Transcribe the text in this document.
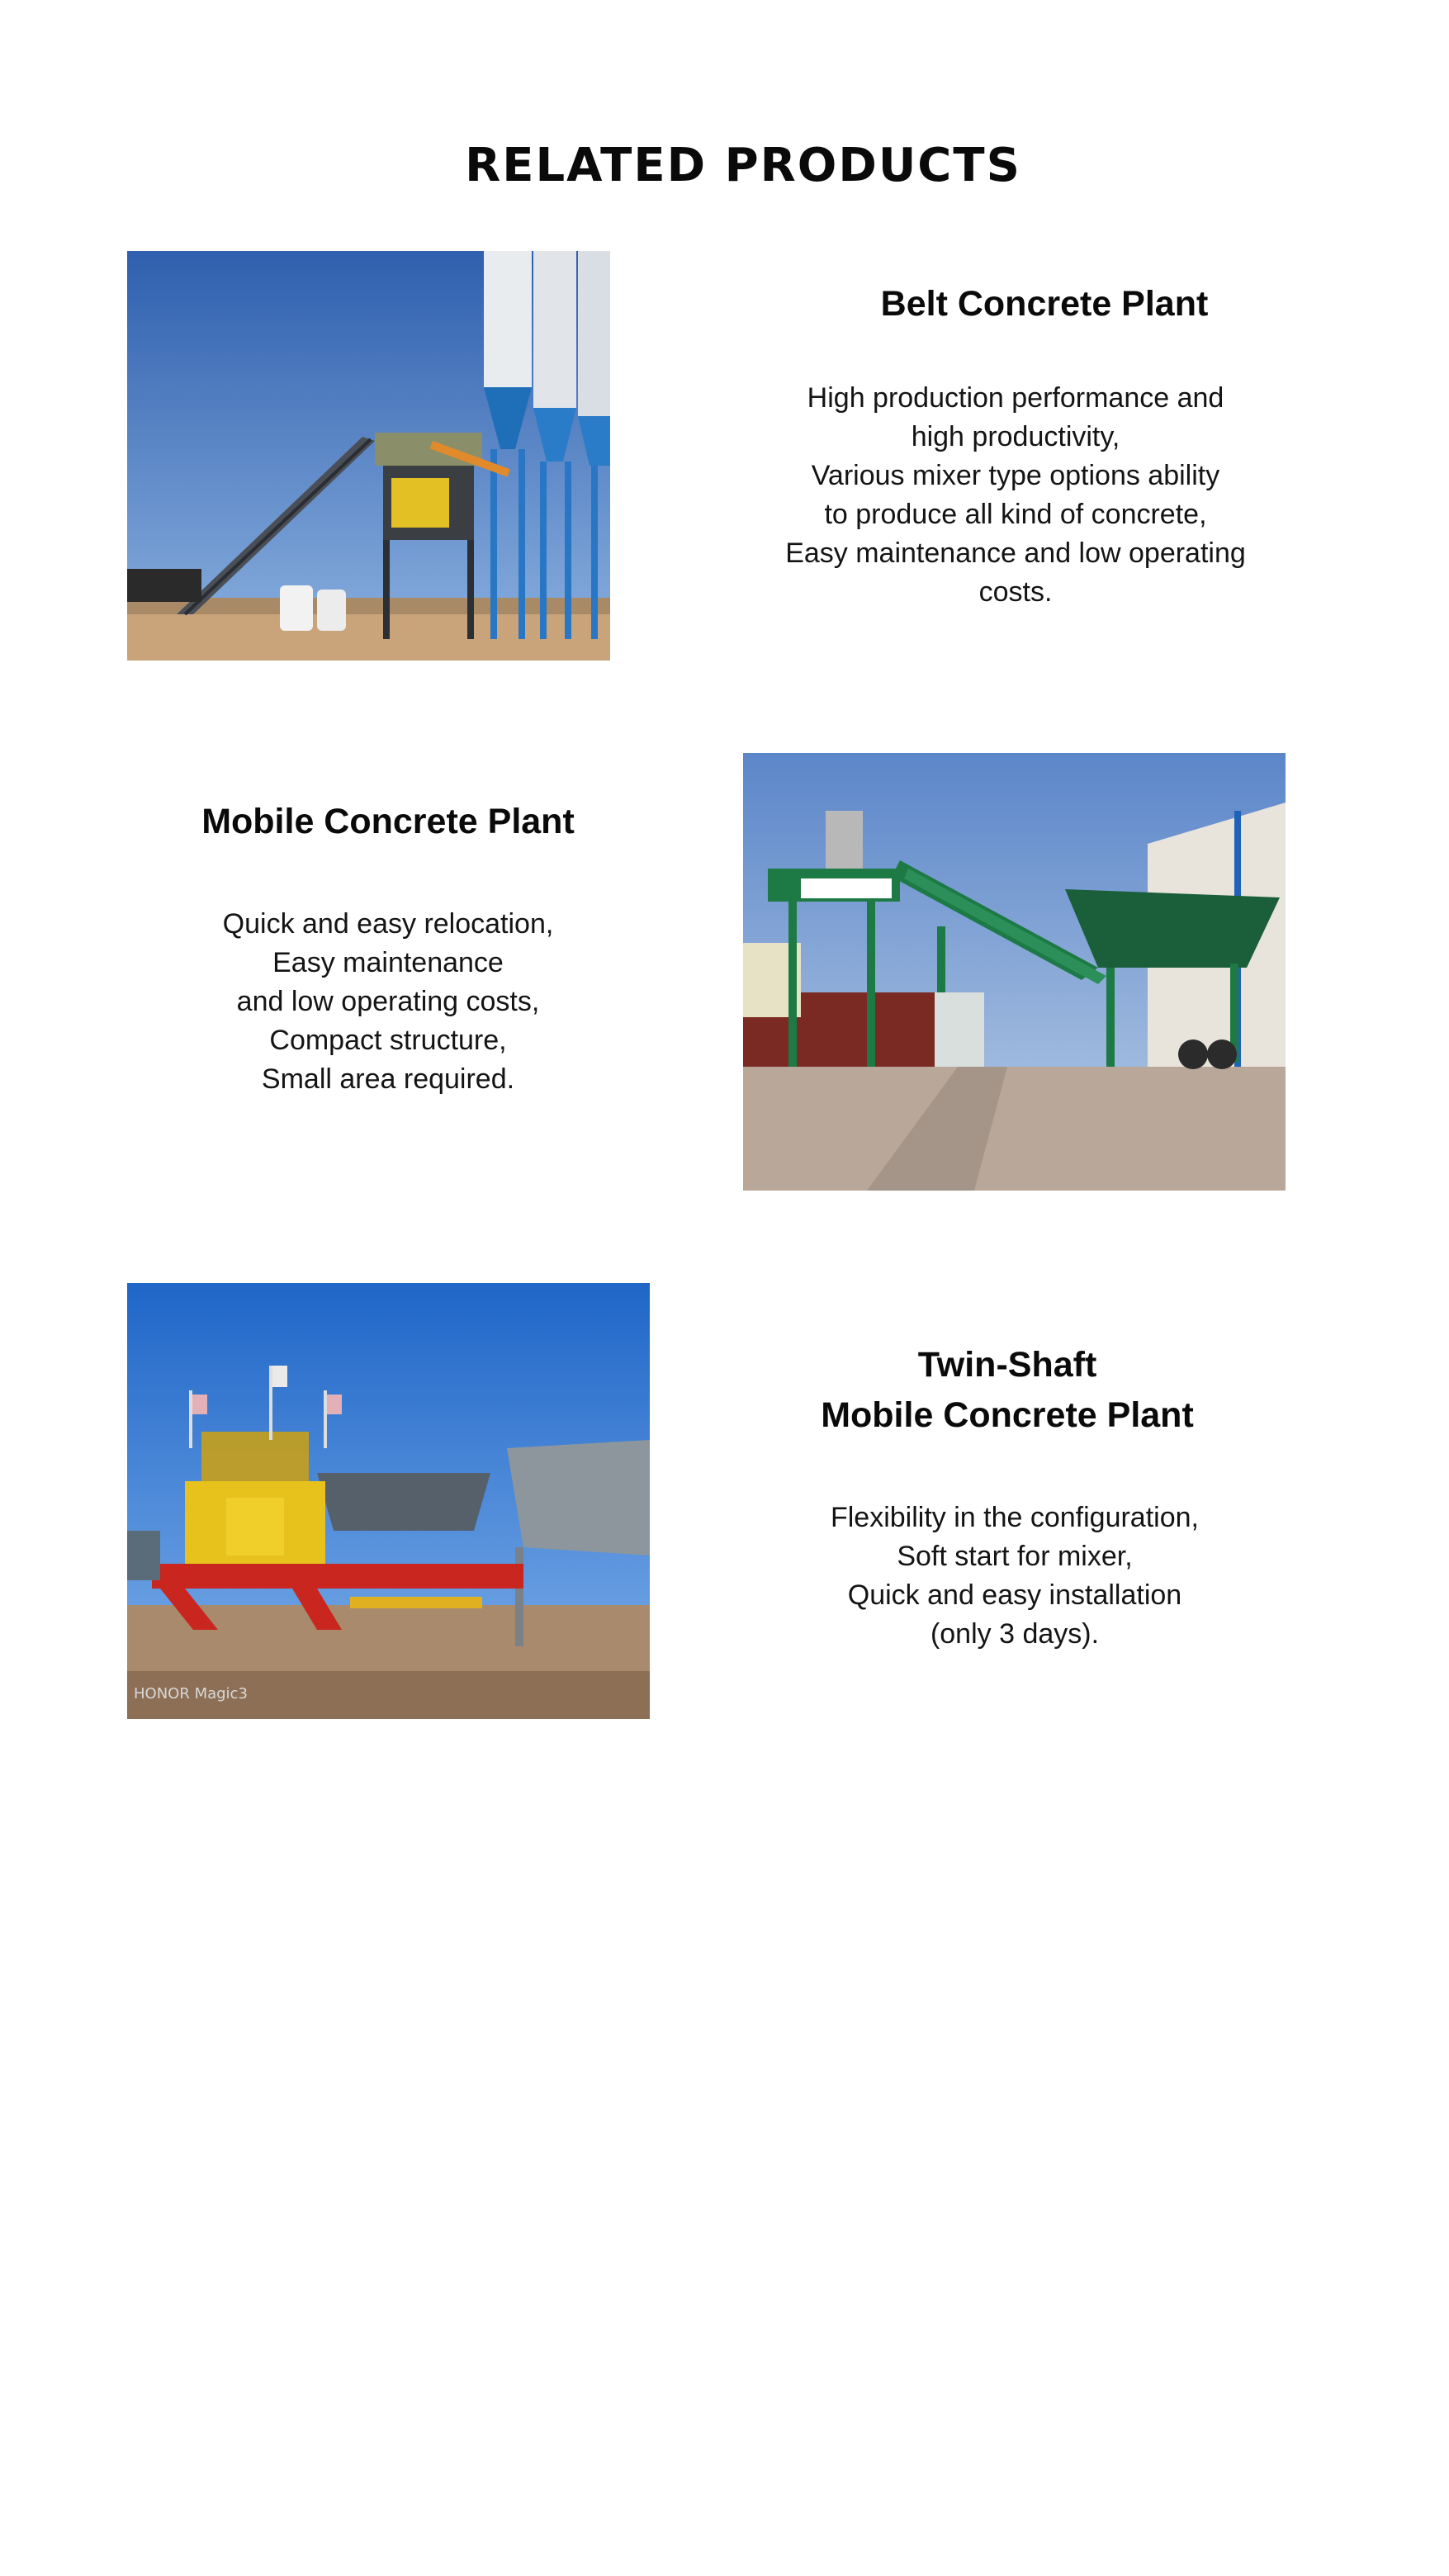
RELATED PRODUCTS
Belt Concrete Plant

High production performance and
high productivity,
Various mixer type options ability
to produce all kind of concrete,
Easy maintenance and low operating
costs.

Mobile Concrete Plant

Quick and easy relocation,
Easy maintenance
and low operating costs,
Compact structure,
Small area required.

HONOR Magic3
Twin-Shaft
Mobile Concrete Plant

Flexibility in the configuration,
Soft start for mixer,
Quick and easy installation
(only 3 days).
